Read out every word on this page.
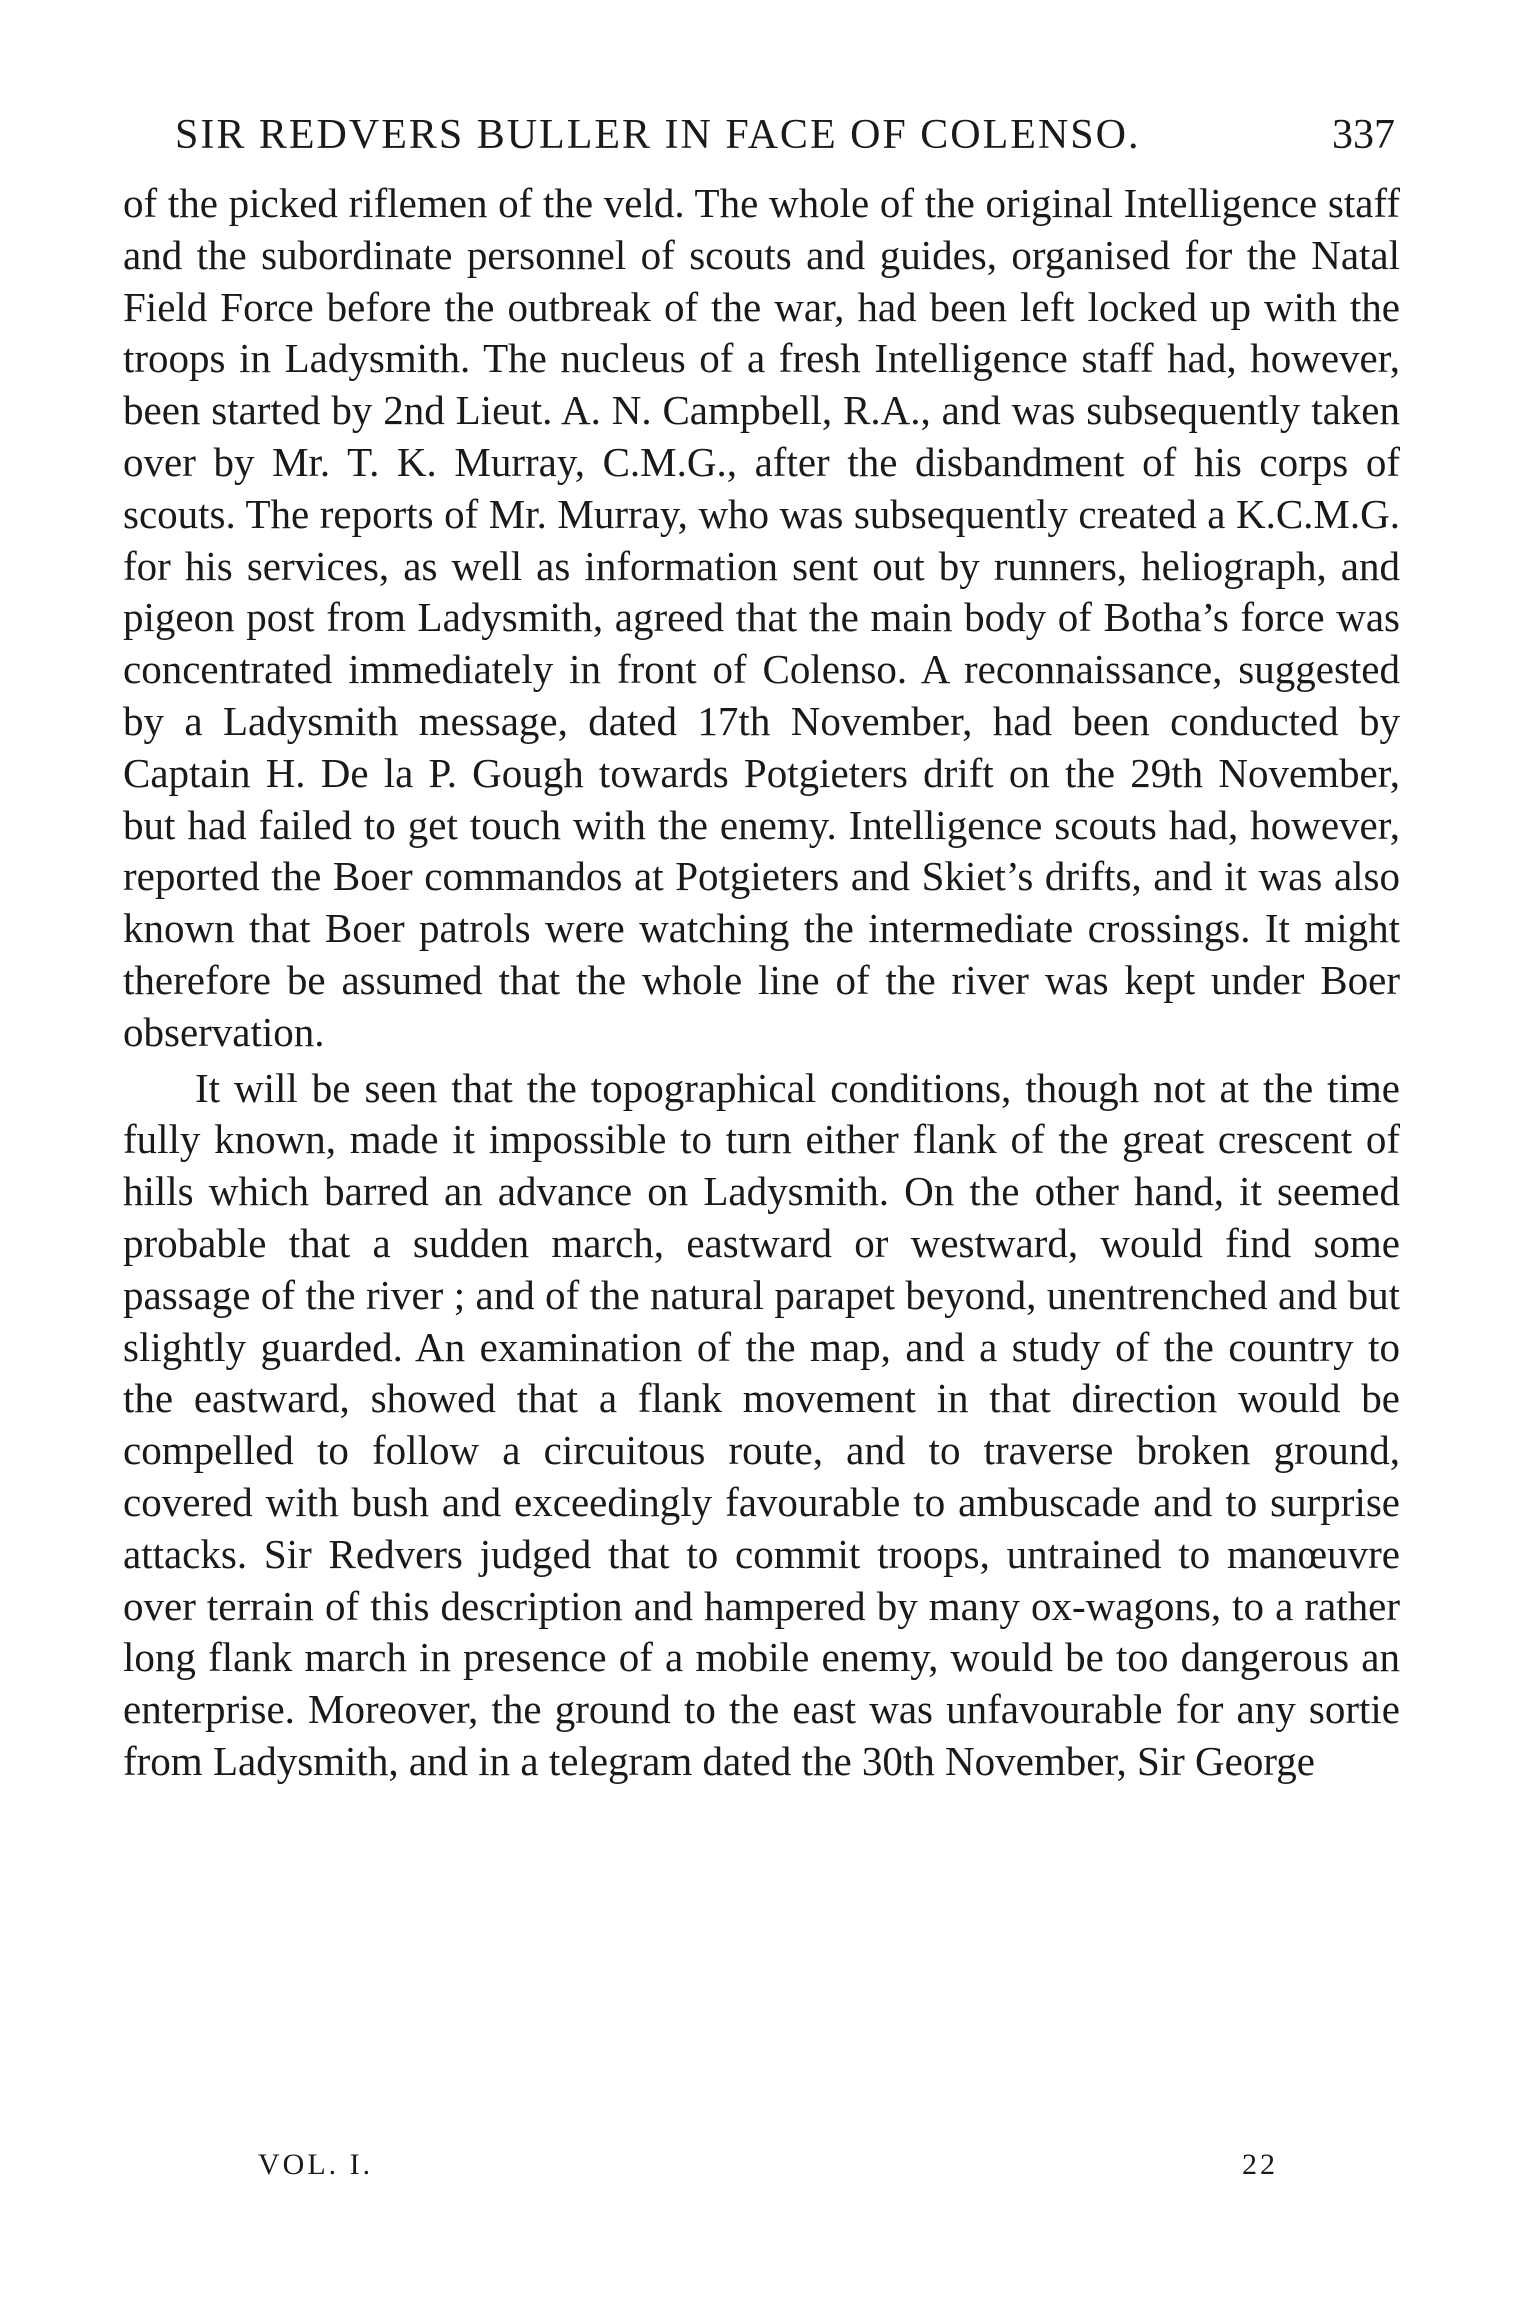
SIR REDVERS BULLER IN FACE OF COLENSO.	337

of the picked riflemen of the veld. The whole of the original Intelligence staff and the subordinate personnel of scouts and guides, organised for the Natal Field Force before the outbreak of the war, had been left locked up with the troops in Ladysmith. The nucleus of a fresh Intelligence staff had, however, been started by 2nd Lieut. A. N. Campbell, R.A., and was subsequently taken over by Mr. T. K. Murray, C.M.G., after the disbandment of his corps of scouts. The reports of Mr. Murray, who was subsequently created a K.C.M.G. for his services, as well as information sent out by runners, heliograph, and pigeon post from Ladysmith, agreed that the main body of Botha’s force was concentrated immediately in front of Colenso. A reconnaissance, suggested by a Ladysmith message, dated 17th November, had been conducted by Captain H. De la P. Gough towards Potgieters drift on the 29th November, but had failed to get touch with the enemy. Intelligence scouts had, however, reported the Boer commandos at Potgieters and Skiet’s drifts, and it was also known that Boer patrols were watching the intermediate crossings. It might therefore be assumed that the whole line of the river was kept under Boer observation.

It will be seen that the topographical conditions, though not at the time fully known, made it impossible to turn either flank of the great crescent of hills which barred an advance on Ladysmith. On the other hand, it seemed probable that a sudden march, eastward or westward, would find some passage of the river ; and of the natural parapet beyond, unentrenched and but slightly guarded. An examination of the map, and a study of the country to the eastward, showed that a flank movement in that direction would be compelled to follow a circuitous route, and to traverse broken ground, covered with bush and exceedingly favourable to ambuscade and to surprise attacks. Sir Redvers judged that to commit troops, untrained to manœuvre over terrain of this description and hampered by many ox-wagons, to a rather long flank march in presence of a mobile enemy, would be too dangerous an enterprise. Moreover, the ground to the east was unfavourable for any sortie from Ladysmith, and in a telegram dated the 30th November, Sir George

VOL. I.	22
